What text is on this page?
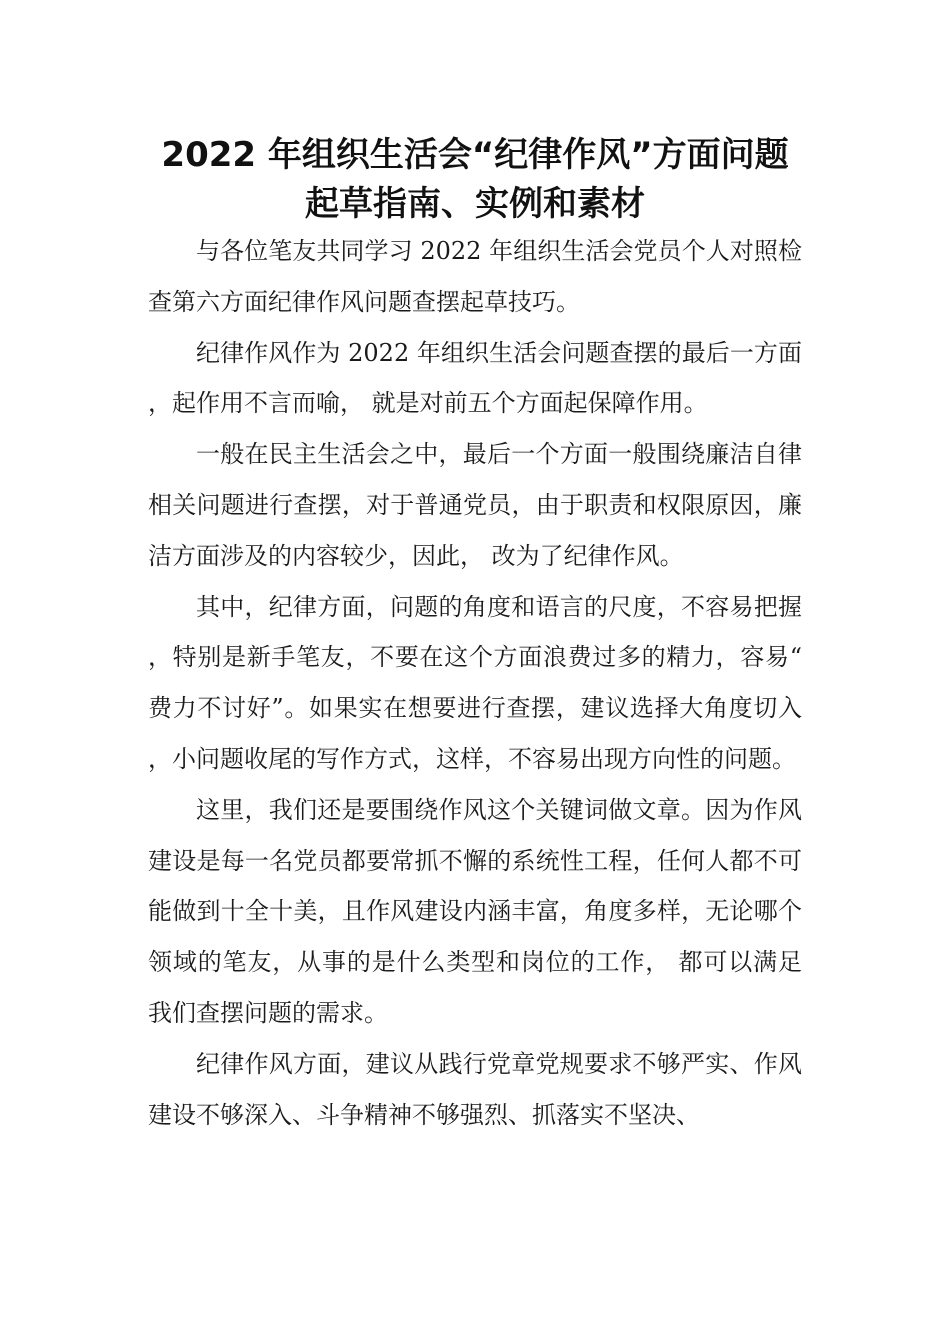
2022 年组织生活会“纪律作风”方面问题
起草指南、实例和素材

与各位笔友共同学习 2022 年组织生活会党员个人对照检查第六方面纪律作风问题查摆起草技巧。

纪律作风作为 2022 年组织生活会问题查摆的最后一方面，起作用不言而喻， 就是对前五个方面起保障作用。

一般在民主生活会之中，最后一个方面一般围绕廉洁自律相关问题进行查摆，对于普通党员，由于职责和权限原因，廉洁方面涉及的内容较少，因此， 改为了纪律作风。

其中，纪律方面，问题的角度和语言的尺度，不容易把握，特别是新手笔友，不要在这个方面浪费过多的精力，容易“费力不讨好”。如果实在想要进行查摆，建议选择大角度切入，小问题收尾的写作方式，这样，不容易出现方向性的问题。

这里，我们还是要围绕作风这个关键词做文章。因为作风建设是每一名党员都要常抓不懈的系统性工程，任何人都不可能做到十全十美，且作风建设内涵丰富，角度多样，无论哪个领域的笔友，从事的是什么类型和岗位的工作， 都可以满足我们查摆问题的需求。

纪律作风方面，建议从践行党章党规要求不够严实、作风建设不够深入、斗争精神不够强烈、抓落实不坚决、
